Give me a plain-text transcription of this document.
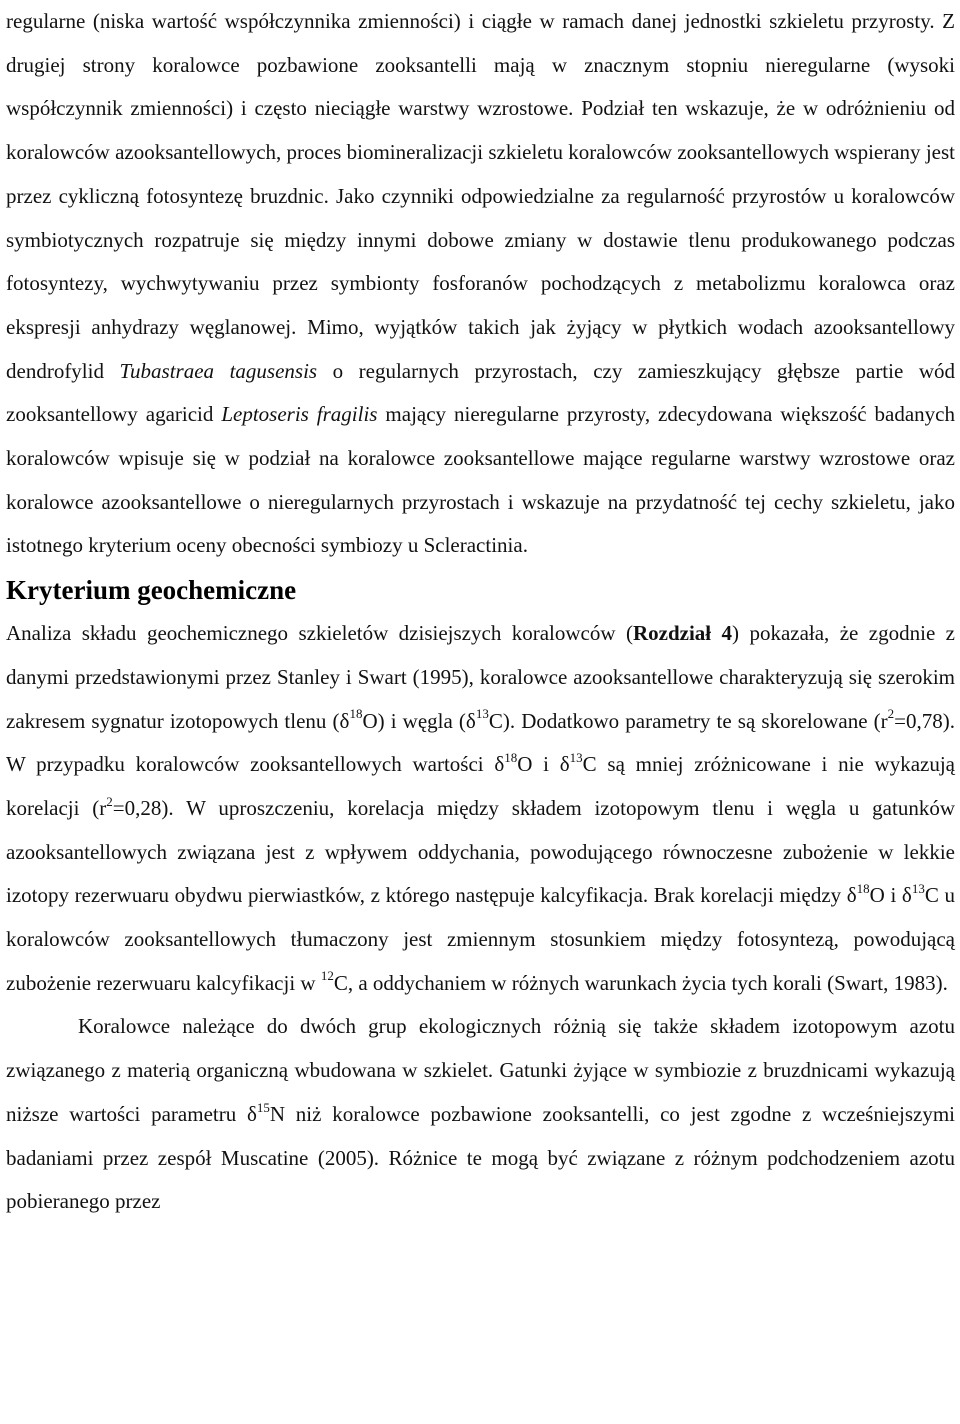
regularne (niska wartość współczynnika zmienności) i ciągłe w ramach danej jednostki szkieletu przyrosty. Z drugiej strony koralowce pozbawione zooksantelli mają w znacznym stopniu nieregularne (wysoki współczynnik zmienności) i często nieciągłe warstwy wzrostowe. Podział ten wskazuje, że w odróżnieniu od koralowców azooksantellowych, proces biomineralizacji szkieletu koralowców zooksantellowych wspierany jest przez cykliczną fotosyntezę bruzdnic. Jako czynniki odpowiedzialne za regularność przyrostów u koralowców symbiotycznych rozpatruje się między innymi dobowe zmiany w dostawie tlenu produkowanego podczas fotosyntezy, wychwytywaniu przez symbionty fosforanów pochodzących z metabolizmu koralowca oraz ekspresji anhydrazy węglanowej. Mimo, wyjątków takich jak żyjący w płytkich wodach azooksantellowy dendrofylid Tubastraea tagusensis o regularnych przyrostach, czy zamieszkujący głębsze partie wód zooksantellowy agaricid Leptoseris fragilis mający nieregularne przyrosty, zdecydowana większość badanych koralowców wpisuje się w podział na koralowce zooksantellowe mające regularne warstwy wzrostowe oraz koralowce azooksantellowe o nieregularnych przyrostach i wskazuje na przydatność tej cechy szkieletu, jako istotnego kryterium oceny obecności symbiozy u Scleractinia.

Kryterium geochemiczne

Analiza składu geochemicznego szkieletów dzisiejszych koralowców (Rozdział 4) pokazała, że zgodnie z danymi przedstawionymi przez Stanley i Swart (1995), koralowce azooksantellowe charakteryzują się szerokim zakresem sygnatur izotopowych tlenu $(\delta^{18}O)$ i węgla $(\delta^{13}C)$. Dodatkowo parametry te są skorelowane $(r^2=0,78)$. W przypadku koralowców zooksantellowych wartości $\delta^{18}O$ i $\delta^{13}C$ są mniej zróżnicowane i nie wykazują korelacji $(r^2=0,28)$. W uproszczeniu, korelacja między składem izotopowym tlenu i węgla u gatunków azooksantellowych związana jest z wpływem oddychania, powodującego równoczesne zubożenie w lekkie izotopy rezerwuaru obydwu pierwiastków, z którego następuje kalcyfikacja. Brak korelacji między $\delta^{18}O$ i $\delta^{13}C$ u koralowców zooksantellowych tłumaczony jest zmiennym stosunkiem między fotosyntezą, powodującą zubożenie rezerwuaru kalcyfikacji w $^{12}$C, a oddychaniem w różnych warunkach życia tych korali (Swart, 1983).

Koralowce należące do dwóch grup ekologicznych różnią się także składem izotopowym azotu związanego z materią organiczną wbudowana w szkielet. Gatunki żyjące w symbiozie z bruzdnicami wykazują niższe wartości parametru $\delta^{15}N$ niż koralowce pozbawione zooksantelli, co jest zgodne z wcześniejszymi badaniami przez zespół Muscatine (2005). Różnice te mogą być związane z różnym podchodzeniem azotu pobieranego przez
